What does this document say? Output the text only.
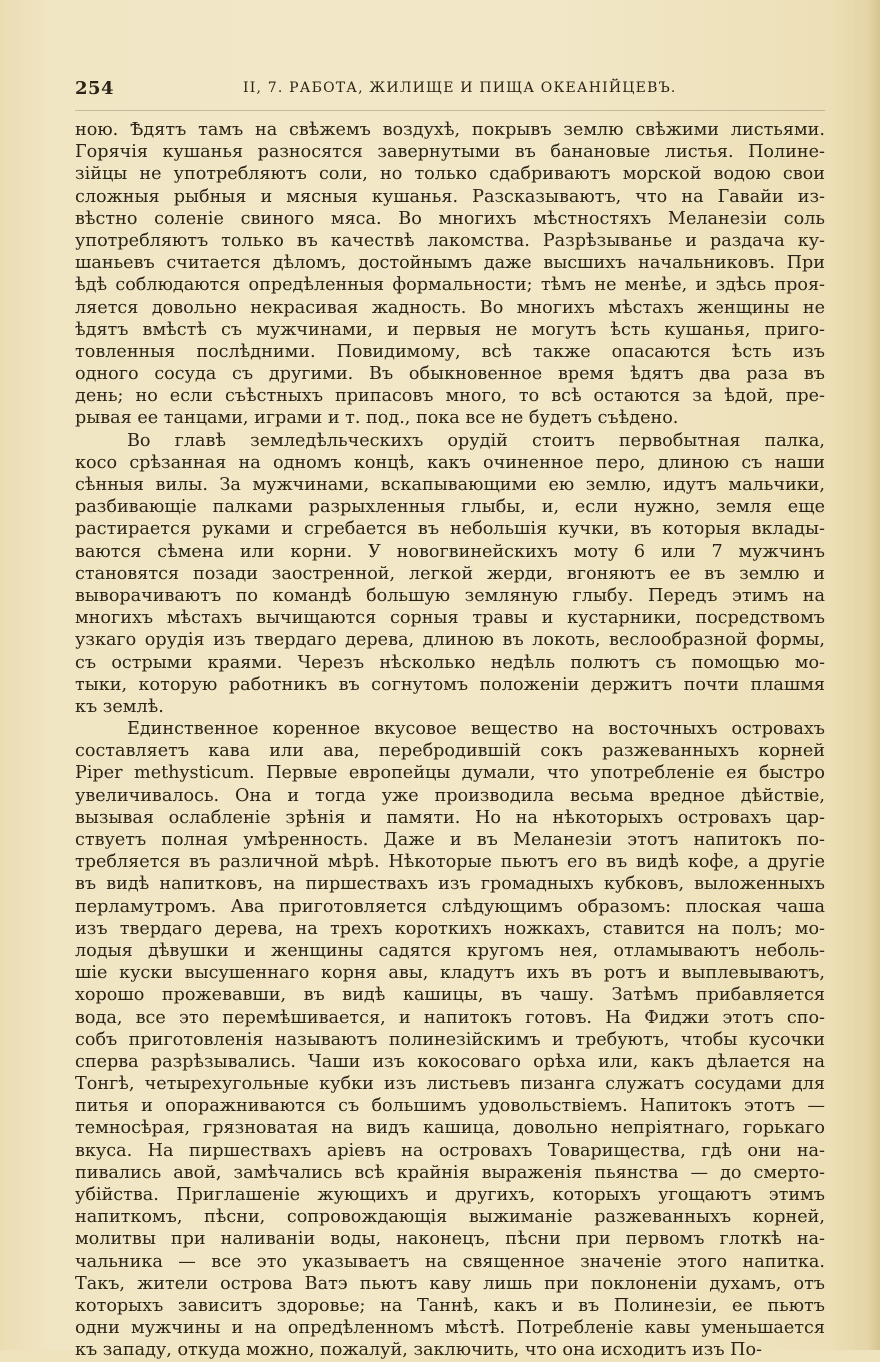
254	II, 7. РАБОТА, ЖИЛИЩЕ И ПИЩА ОКЕАНІЙЦЕВЪ.
ною. Ѣдятъ тамъ на свѣжемъ воздухѣ, покрывъ землю свѣжими листьями.
Горячія кушанья разносятся завернутыми въ банановые листья. Полине-
зійцы не употребляютъ соли, но только сдабриваютъ морской водою свои
сложныя рыбныя и мясныя кушанья. Разсказываютъ, что на Гавайи из-
вѣстно соленіе свиного мяса. Во многихъ мѣстностяхъ Меланезіи соль
употребляютъ только въ качествѣ лакомства. Разрѣзыванье и раздача ку-
шаньевъ считается дѣломъ, достойнымъ даже высшихъ начальниковъ. При
ѣдѣ соблюдаются опредѣленныя формальности; тѣмъ не менѣе, и здѣсь проя-
ляется довольно некрасивая жадность. Во многихъ мѣстахъ женщины не
ѣдятъ вмѣстѣ съ мужчинами, и первыя не могутъ ѣсть кушанья, приго-
товленныя послѣдними. Повидимому, всѣ также опасаются ѣсть изъ
одного сосуда съ другими. Въ обыкновенное время ѣдятъ два раза въ
день; но если съѣстныхъ припасовъ много, то всѣ остаются за ѣдой, пре-
рывая ее танцами, играми и т. под., пока все не будетъ съѣдено.
Во главѣ земледѣльческихъ орудій стоитъ первобытная палка,
косо срѣзанная на одномъ концѣ, какъ очиненное перо, длиною съ наши
сѣнныя вилы. За мужчинами, вскапывающими ею землю, идутъ мальчики,
разбивающіе палками разрыхленныя глыбы, и, если нужно, земля еще
растирается руками и сгребается въ небольшія кучки, въ которыя вклады-
ваются сѣмена или корни. У новогвинейскихъ моту 6 или 7 мужчинъ
становятся позади заостренной, легкой жерди, вгоняютъ ее въ землю и
выворачиваютъ по командѣ большую земляную глыбу. Передъ этимъ на
многихъ мѣстахъ вычищаются сорныя травы и кустарники, посредствомъ
узкаго орудія изъ твердаго дерева, длиною въ локоть, веслообразной формы,
съ острыми краями. Черезъ нѣсколько недѣль полютъ съ помощью мо-
тыки, которую работникъ въ согнутомъ положеніи держитъ почти плашмя
къ землѣ.
Единственное коренное вкусовое вещество на восточныхъ островахъ
составляетъ кава или ава, перебродившій сокъ разжеванныхъ корней
Piper methysticum. Первые европейцы думали, что употребленіе ея быстро
увеличивалось. Она и тогда уже производила весьма вредное дѣйствіе,
вызывая ослабленіе зрѣнія и памяти. Но на нѣкоторыхъ островахъ цар-
ствуетъ полная умѣренность. Даже и въ Меланезіи этотъ напитокъ по-
требляется въ различной мѣрѣ. Нѣкоторые пьютъ его въ видѣ кофе, а другіе
въ видѣ напитковъ, на пиршествахъ изъ громадныхъ кубковъ, выложенныхъ
перламутромъ. Ава приготовляется слѣдующимъ образомъ: плоская чаша
изъ твердаго дерева, на трехъ короткихъ ножкахъ, ставится на полъ; мо-
лодыя дѣвушки и женщины садятся кругомъ нея, отламываютъ неболь-
шіе куски высушеннаго корня авы, кладутъ ихъ въ ротъ и выплевываютъ,
хорошо прожевавши, въ видѣ кашицы, въ чашу. Затѣмъ прибавляется
вода, все это перемѣшивается, и напитокъ готовъ. На Фиджи этотъ спо-
собъ приготовленія называютъ полинезійскимъ и требуютъ, чтобы кусочки
сперва разрѣзывались. Чаши изъ кокосоваго орѣха или, какъ дѣлается на
Тонгѣ, четырехугольные кубки изъ листьевъ пизанга служатъ сосудами для
питья и опоражниваются съ большимъ удовольствіемъ. Напитокъ этотъ —
темносѣрая, грязноватая на видъ кашица, довольно непріятнаго, горькаго
вкуса. На пиршествахъ аріевъ на островахъ Товарищества, гдѣ они на-
пивались авой, замѣчались всѣ крайнія выраженія пьянства — до смерто-
убійства. Приглашеніе жующихъ и другихъ, которыхъ угощаютъ этимъ
напиткомъ, пѣсни, сопровождающія выжиманіе разжеванныхъ корней,
молитвы при наливаніи воды, наконецъ, пѣсни при первомъ глоткѣ на-
чальника — все это указываетъ на священное значеніе этого напитка.
Такъ, жители острова Ватэ пьютъ каву лишь при поклоненіи духамъ, отъ
которыхъ зависитъ здоровье; на Таннѣ, какъ и въ Полинезіи, ее пьютъ
одни мужчины и на опредѣленномъ мѣстѣ. Потребленіе кавы уменьшается
къ западу, откуда можно, пожалуй, заключить, что она исходитъ изъ По-
